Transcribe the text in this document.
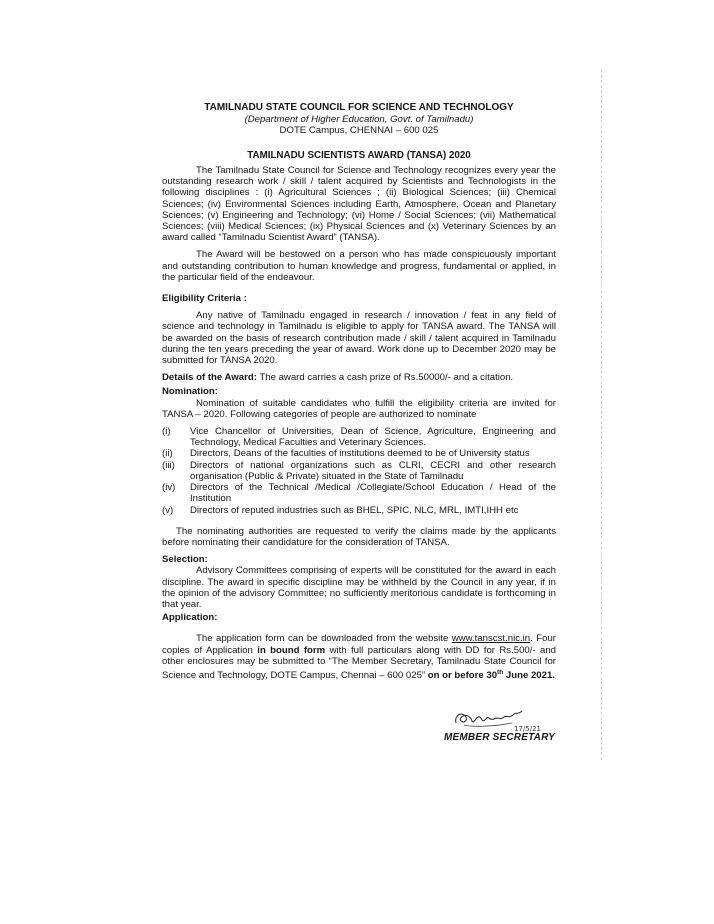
TAMILNADU STATE COUNCIL FOR SCIENCE AND TECHNOLOGY
(Department of Higher Education, Govt. of Tamilnadu)
DOTE Campus, CHENNAI – 600 025
TAMILNADU SCIENTISTS AWARD (TANSA) 2020

The Tamilnadu State Council for Science and Technology recognizes every year the outstanding research work / skill / talent acquired by Scientists and Technologists in the following disciplines : (i) Agricultural Sciences ; (ii) Biological Sciences; (iii) Chemical Sciences; (iv) Environmental Sciences including Earth, Atmosphere, Ocean and Planetary Sciences; (v) Engineering and Technology; (vi) Home / Social Sciences; (vii) Mathematical Sciences; (viii) Medical Sciences; (ix) Physical Sciences and (x) Veterinary Sciences by an award called “Tamilnadu Scientist Award” (TANSA).

The Award will be bestowed on a person who has made conspicuously important and outstanding contribution to human knowledge and progress, fundamental or applied, in the particular field of the endeavour.

Eligibility Criteria :

Any native of Tamilnadu engaged in research / innovation / feat in any field of science and technology in Tamilnadu is eligible to apply for TANSA award. The TANSA will be awarded on the basis of research contribution made / skill / talent acquired in Tamilnadu during the ten years preceding the year of award. Work done up to December 2020 may be submitted for TANSA 2020.

Details of the Award: The award carries a cash prize of Rs.50000/- and a citation.

Nomination:

Nomination of suitable candidates who fulfill the eligibility criteria are invited for TANSA – 2020. Following categories of people are authorized to nominate

(i) Vice Chancellor of Universities, Dean of Science, Agriculture, Engineering and Technology, Medical Faculties and Veterinary Sciences.
(ii) Directors, Deans of the faculties of institutions deemed to be of University status
(iii) Directors of national organizations such as CLRI, CECRI and other research organisation (Public & Private) situated in the State of Tamilnadu
(iv) Directors of the Technical /Medical /Collegiate/School Education / Head of the Institution
(v) Directors of reputed industries such as BHEL, SPIC, NLC, MRL, IMTI,IHH etc

The nominating authorities are requested to verify the claims made by the applicants before nominating their candidature for the consideration of TANSA.

Selection:

Advisory Committees comprising of experts will be constituted for the award in each discipline. The award in specific discipline may be withheld by the Council in any year, if in the opinion of the advisory Committee; no sufficiently meritorious candidate is forthcoming in that year.

Application:

The application form can be downloaded from the website www.tanscst.nic.in. Four copies of Application in bound form with full particulars along with DD for Rs.500/- and other enclosures may be submitted to “The Member Secretary, Tamilnadu State Council for Science and Technology, DOTE Campus, Chennai – 600 025” on or before 30th June 2021.

17/5/21
MEMBER SECRETARY
